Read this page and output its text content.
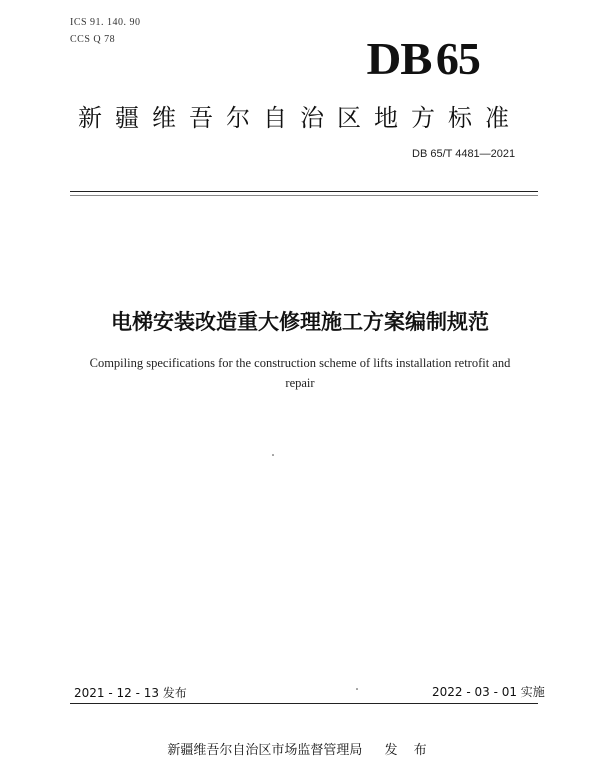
ICS 91. 140. 90
CCS Q 78	DB65
新疆维吾尔自治区地方标准
DB 65/T 4481—2021
电梯安装改造重大修理施工方案编制规范
Compiling specifications for the construction scheme of lifts installation retrofit and
repair
2021 - 12 - 13 发布	2022 - 03 - 01 实施
新疆维吾尔自治区市场监督管理局 发 布
